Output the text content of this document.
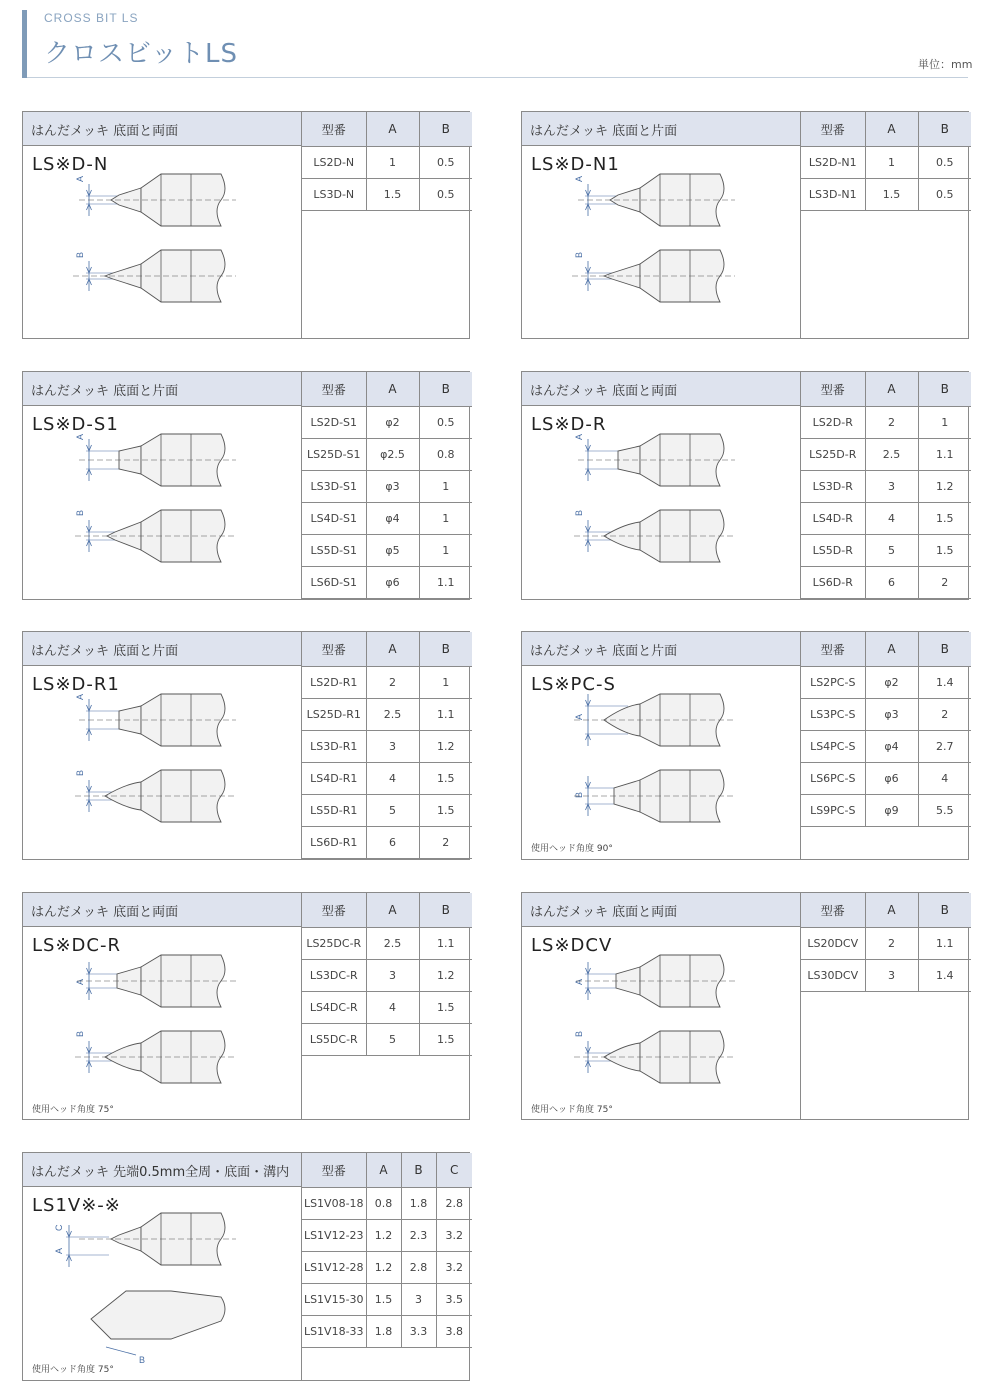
CROSS BIT LS
クロスビットLS	単位：mm
はんだメッキ 底面と両面
LS※D-N
A
B
型番	A	B
LS2D-N	1	0.5
LS3D-N	1.5	0.5
はんだメッキ 底面と片面
LS※D-N1
A
B
型番	A	B
LS2D-N1	1	0.5
LS3D-N1	1.5	0.5
はんだメッキ 底面と片面
LS※D-S1
A
B
型番	A	B
LS2D-S1	φ2	0.5
LS25D-S1	φ2.5	0.8
LS3D-S1	φ3	1
LS4D-S1	φ4	1
LS5D-S1	φ5	1
LS6D-S1	φ6	1.1
はんだメッキ 底面と両面
LS※D-R
A
B
型番	A	B
LS2D-R	2	1
LS25D-R	2.5	1.1
LS3D-R	3	1.2
LS4D-R	4	1.5
LS5D-R	5	1.5
LS6D-R	6	2
はんだメッキ 底面と片面
LS※D-R1
A
B
型番	A	B
LS2D-R1	2	1
LS25D-R1	2.5	1.1
LS3D-R1	3	1.2
LS4D-R1	4	1.5
LS5D-R1	5	1.5
LS6D-R1	6	2
はんだメッキ 底面と片面
LS※PC-S
A
B
使用ヘッド角度 90°
型番	A	B
LS2PC-S	φ2	1.4
LS3PC-S	φ3	2
LS4PC-S	φ4	2.7
LS6PC-S	φ6	4
LS9PC-S	φ9	5.5
はんだメッキ 底面と両面
LS※DC-R
A
B
使用ヘッド角度 75°
型番	A	B
LS25DC-R	2.5	1.1
LS3DC-R	3	1.2
LS4DC-R	4	1.5
LS5DC-R	5	1.5
はんだメッキ 底面と両面
LS※DCV
A
B
使用ヘッド角度 75°
型番	A	B
LS20DCV	2	1.1
LS30DCV	3	1.4
はんだメッキ 先端0.5mm全周・底面・溝内
LS1V※-※
C
A
B
使用ヘッド角度 75°
型番	A	B	C
LS1V08-18	0.8	1.8	2.8
LS1V12-23	1.2	2.3	3.2
LS1V12-28	1.2	2.8	3.2
LS1V15-30	1.5	3	3.5
LS1V18-33	1.8	3.3	3.8
